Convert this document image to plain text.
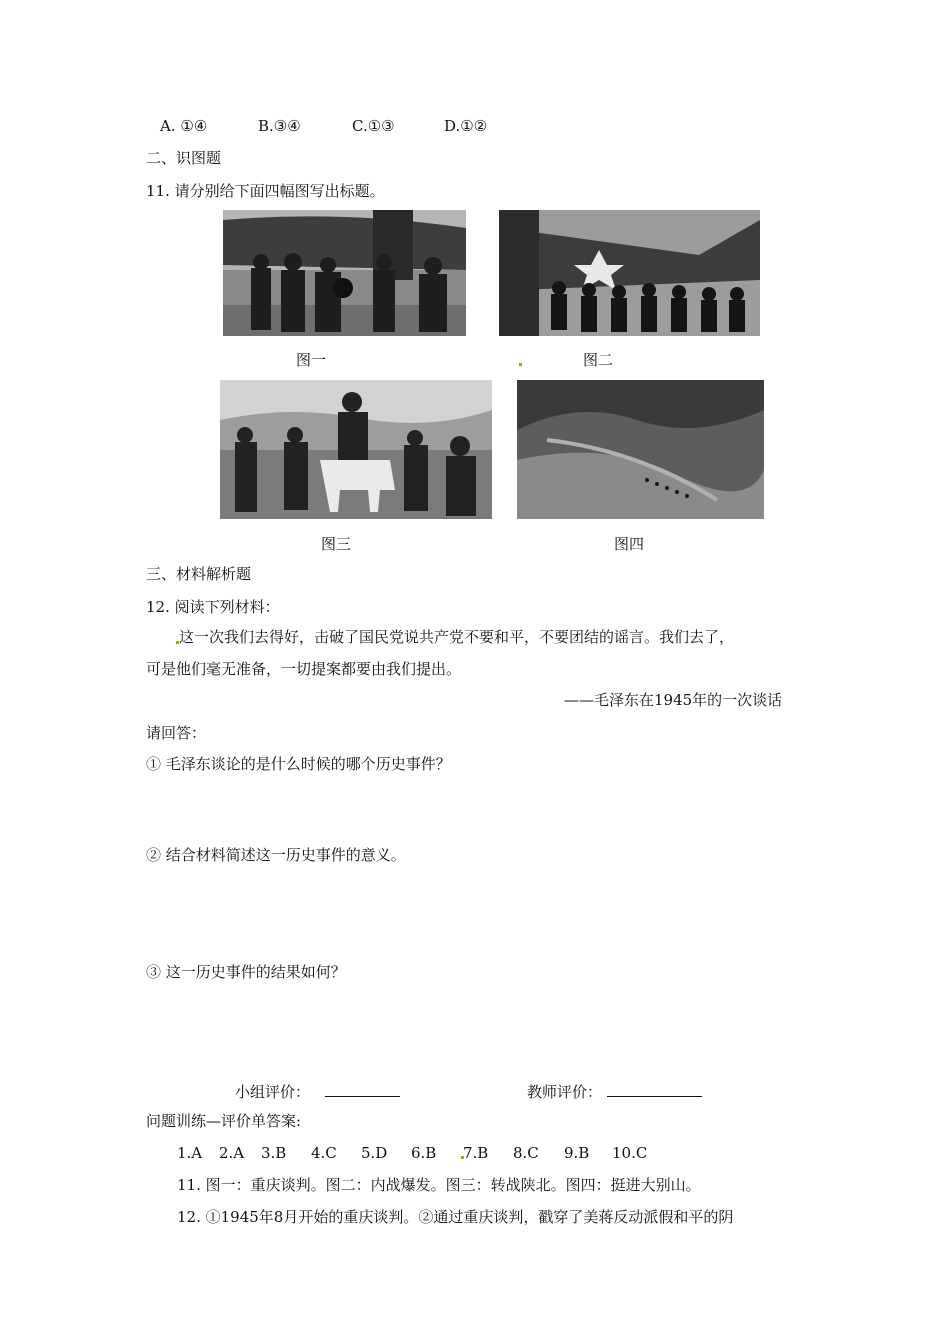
A. ①④	B.③④	C.①③	D.①②
二、识图题
11. 请分别给下面四幅图写出标题。
图一	图二
图三	图四
三、材料解析题
12. 阅读下列材料：
这一次我们去得好，击破了国民党说共产党不要和平，不要团结的谣言。我们去了，
可是他们毫无准备，一切提案都要由我们提出。
——毛泽东在1945年的一次谈话
请回答：
① 毛泽东谈论的是什么时候的哪个历史事件？
② 结合材料简述这一历史事件的意义。
③ 这一历史事件的结果如何？
小组评价：	教师评价：
问题训练—评价单答案:
1.A 2.A 3.B 4.C 5.D 6.B 7.B 8.C 9.B 10.C
11. 图一：重庆谈判。图二：内战爆发。图三：转战陕北。图四：挺进大别山。
12. ①1945年8月开始的重庆谈判。②通过重庆谈判，戳穿了美蒋反动派假和平的阴
